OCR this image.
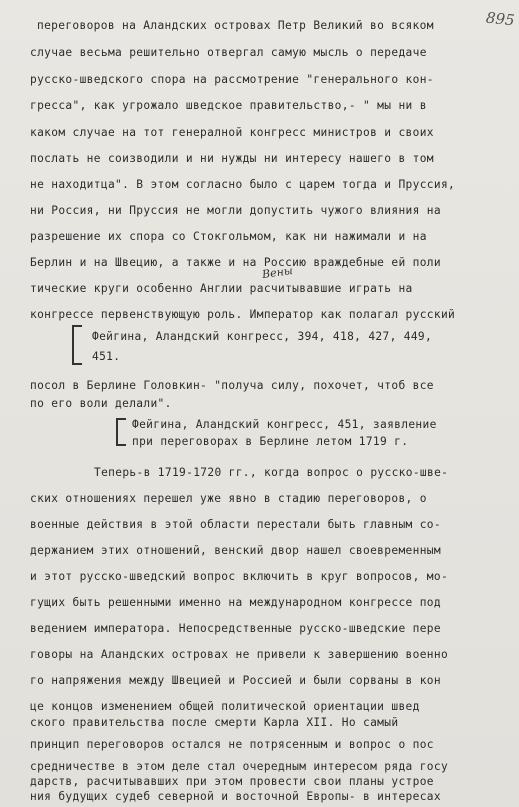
895
переговоров на Аландских островах Петр Великий во всяком
случае весьма решительно отвергал самую мысль о передаче
русско-шведского спора на рассмотрение "генерального кон-
гресса", как угрожало шведское правительство,- " мы ни в
каком случае на тот генералной конгресс министров и своих
послать не соизводили и ни нужды ни интересу нашего в том
не находитца". В этом согласно было с царем тогда и Пруссия,
ни Россия, ни Пруссия не могли допустить чужого влияния на
разрешение их спора со Стокгольмом, как ни нажимали и на
Берлин и на Швецию, а также и на Россию враждебные ей поли
Вены
тические круги особенно Англии расчитывавшие играть на
конгрессе первенствующую роль. Император как полагал русский
Фейгина, Аландский конгресс, 394, 418, 427, 449,
451.
посол в Берлине Головкин- "получа силу, похочет, чтоб все
по его воли делали".
Фейгина, Аландский конгресс, 451, заявление
при переговорах в Берлине летом 1719 г.
Теперь-в 1719-1720 гг., когда вопрос о русско-шве-
ских отношениях перешел уже явно в стадию переговоров, о
военные действия в этой области перестали быть главным со-
держанием этих отношений, венский двор нашел своевременным
и этот русско-шведский вопрос включить в круг вопросов, мо-
гущих быть решенными именно на международном конгрессе под
ведением императора. Непосредственные русско-шведские пере
говоры на Аландских островах не привели к завершению военно
го напряжения между Швецией и Россией и были сорваны в кон
це концов изменением общей политической ориентации швед
ского правительства после смерти Карла XII. Но самый
принцип переговоров остался не потрясенным и вопрос о пос
средничестве в этом деле стал очередным интересом ряда госу
дарств, расчитывавших при этом провести свои планы устрое
ния будущих судеб северной и восточной Европы- в интересах
